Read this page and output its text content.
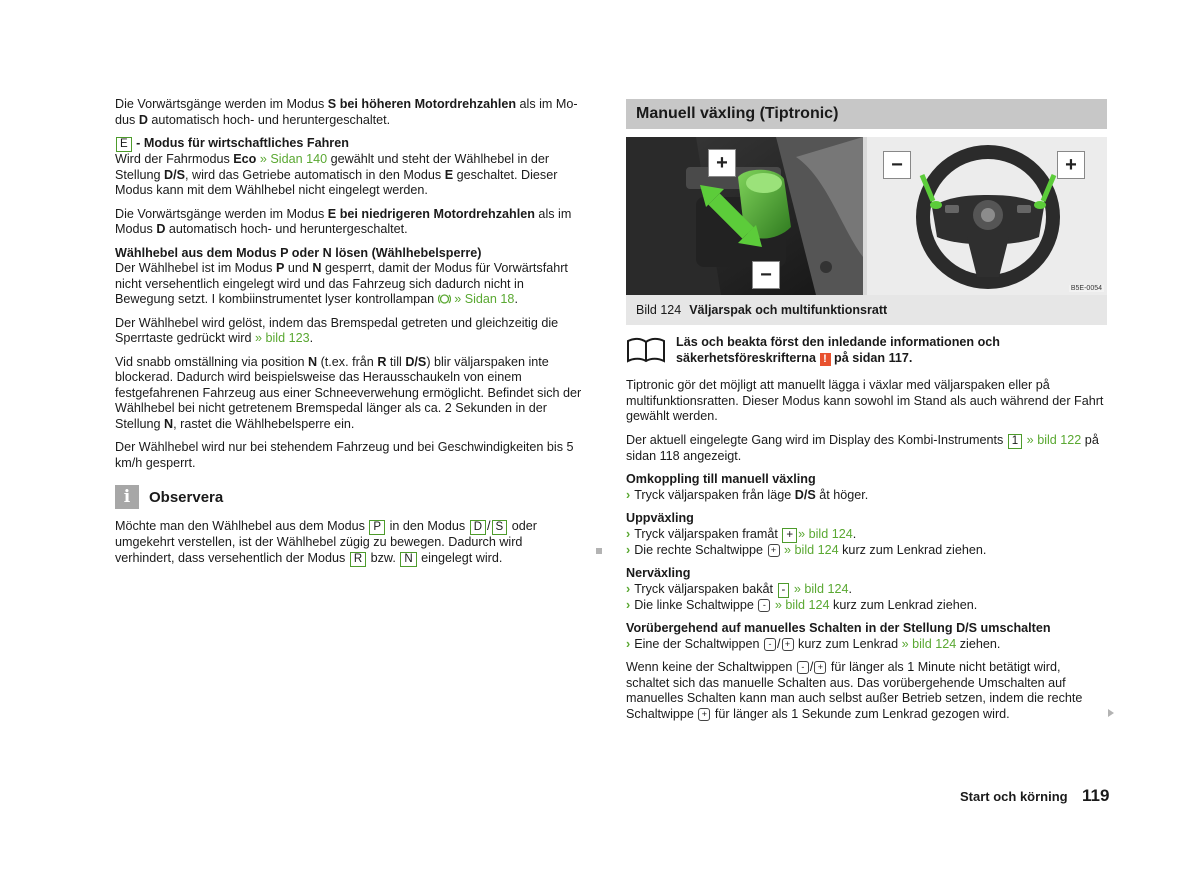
Die Vorwärtsgänge werden im Modus S bei höheren Motordrehzahlen als im Mo-dus D automatisch hoch- und heruntergeschaltet.

E - Modus für wirtschaftliches Fahren
Wird der Fahrmodus Eco » Sidan 140 gewählt und steht der Wählhebel in der Stellung D/S, wird das Getriebe automatisch in den Modus E geschaltet. Dieser Modus kann mit dem Wählhebel nicht eingelegt werden.

Die Vorwärtsgänge werden im Modus E bei niedrigeren Motordrehzahlen als im Modus D automatisch hoch- und heruntergeschaltet.

Wählhebel aus dem Modus P oder N lösen (Wählhebelsperre)
Der Wählhebel ist im Modus P und N gesperrt, damit der Modus für Vorwärtsfahrt nicht versehentlich eingelegt wird und das Fahrzeug sich dadurch nicht in Bewegung setzt. I kombiinstrumentet lyser kontrollampan  » Sidan 18.

Der Wählhebel wird gelöst, indem das Bremspedal getreten und gleichzeitig die Sperrtaste gedrückt wird » bild 123.

Vid snabb omställning via position N (t.ex. från R till D/S) blir väljarspaken inte blockerad. Dadurch wird beispielsweise das Herausschaukeln von einem festgefahrenen Fahrzeug aus einer Schneeverwehung ermöglicht. Befindet sich der Wählhebel bei nicht getretenem Bremspedal länger als ca. 2 Sekunden in der Stellung N, rastet die Wählhebelsperre ein.

Der Wählhebel wird nur bei stehendem Fahrzeug und bei Geschwindigkeiten bis 5 km/h gesperrt.

i	Observera

Möchte man den Wählhebel aus dem Modus P in den Modus D / S oder umgekehrt verstellen, ist der Wählhebel zügig zu bewegen. Dadurch wird verhindert, dass versehentlich der Modus R bzw. N eingelegt wird.

Manuell växling (Tiptronic)
+
−
−	+
B5E-0054
Bild 124 Väljarspak och multifunktionsratt
Läs och beakta först den inledande informationen och säkerhetsföreskrifterna ! på sidan 117.

Tiptronic gör det möjligt att manuellt lägga i växlar med väljarspaken eller på multifunktionsratten. Dieser Modus kann sowohl im Stand als auch während der Fahrt gewählt werden.

Der aktuell eingelegte Gang wird im Display des Kombi-Instruments 1 » bild 122 på sidan 118 angezeigt.

Omkoppling till manuell växling
› Tryck väljarspaken från läge D/S åt höger.

Uppväxling
› Tryck väljarspaken framåt + » bild 124.
› Die rechte Schaltwippe + » bild 124 kurz zum Lenkrad ziehen.

Nerväxling
› Tryck väljarspaken bakåt - » bild 124.
› Die linke Schaltwippe - » bild 124 kurz zum Lenkrad ziehen.

Vorübergehend auf manuelles Schalten in der Stellung D/S umschalten
› Eine der Schaltwippen - / + kurz zum Lenkrad » bild 124 ziehen.

Wenn keine der Schaltwippen - / + für länger als 1 Minute nicht betätigt wird, schaltet sich das manuelle Schalten aus. Das vorübergehende Umschalten auf manuelles Schalten kann man auch selbst außer Betrieb setzen, indem die rechte Schaltwippe + für länger als 1 Sekunde zum Lenkrad gezogen wird.

Start och körning 119
